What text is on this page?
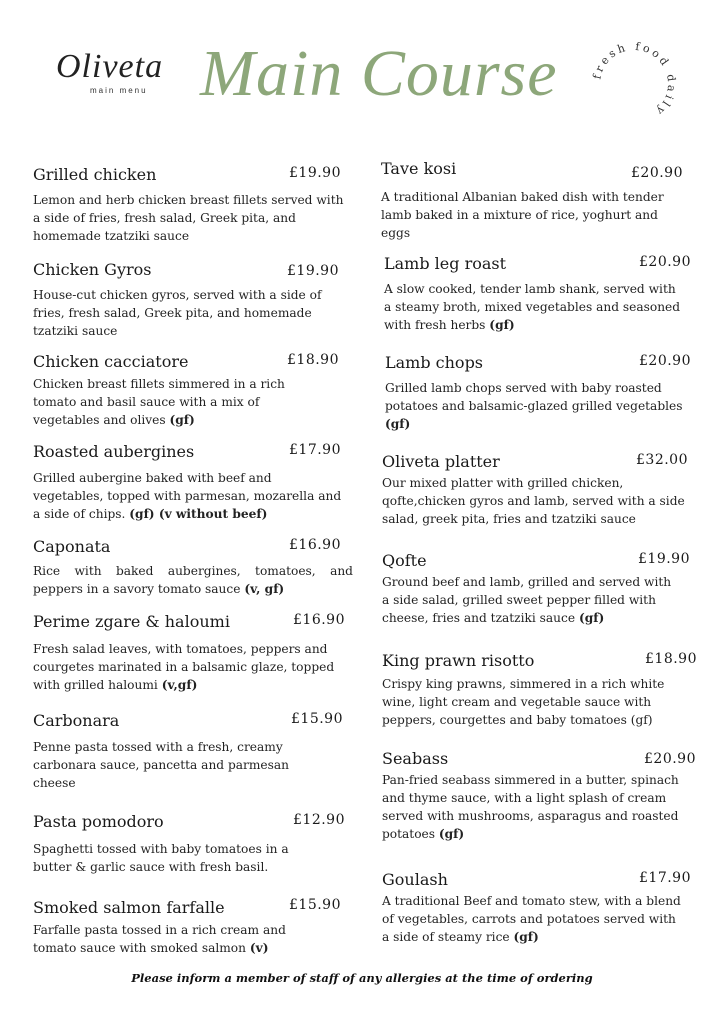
Oliveta
main menu Main Course	fresh food daily
Grilled chicken	£19.90
Lemon and herb chicken breast fillets served with a side of fries, fresh salad, Greek pita, and homemade tzatziki sauce
Chicken Gyros	£19.90
House-cut chicken gyros, served with a side of fries, fresh salad, Greek pita, and homemade tzatziki sauce
Chicken cacciatore	£18.90
Chicken breast fillets simmered in a rich tomato and basil sauce with a mix of vegetables and olives (gf)
Roasted aubergines	£17.90
Grilled aubergine baked with beef and vegetables, topped with parmesan, mozarella and a side of chips. (gf) (v without beef)
Caponata	£16.90
Rice with baked aubergines, tomatoes, and peppers in a savory tomato sauce (v, gf)
Perime zgare & haloumi	£16.90
Fresh salad leaves, with tomatoes, peppers and courgetes marinated in a balsamic glaze, topped with grilled haloumi (v,gf)
Carbonara	£15.90
Penne pasta tossed with a fresh, creamy carbonara sauce, pancetta and parmesan cheese
Pasta pomodoro	£12.90
Spaghetti tossed with baby tomatoes in a butter & garlic sauce with fresh basil.
Smoked salmon farfalle	£15.90
Farfalle pasta tossed in a rich cream and tomato sauce with smoked salmon (v)
Tave kosi	£20.90
A traditional Albanian baked dish with tender lamb baked in a mixture of rice, yoghurt and eggs
Lamb leg roast	£20.90
A slow cooked, tender lamb shank, served with a steamy broth, mixed vegetables and seasoned with fresh herbs (gf)
Lamb chops	£20.90
Grilled lamb chops served with baby roasted potatoes and balsamic-glazed grilled vegetables (gf)
Oliveta platter	£32.00
Our mixed platter with grilled chicken, qofte,chicken gyros and lamb, served with a side salad, greek pita, fries and tzatziki sauce
Qofte	£19.90
Ground beef and lamb, grilled and served with a side salad, grilled sweet pepper filled with cheese, fries and tzatziki sauce (gf)
King prawn risotto	£18.90
Crispy king prawns, simmered in a rich white wine, light cream and vegetable sauce with peppers, courgettes and baby tomatoes (gf)
Seabass	£20.90
Pan-fried seabass simmered in a butter, spinach and thyme sauce, with a light splash of cream served with mushrooms, asparagus and roasted potatoes (gf)
Goulash	£17.90
A traditional Beef and tomato stew, with a blend of vegetables, carrots and potatoes served with a side of steamy rice (gf)
Please inform a member of staff of any allergies at the time of ordering
